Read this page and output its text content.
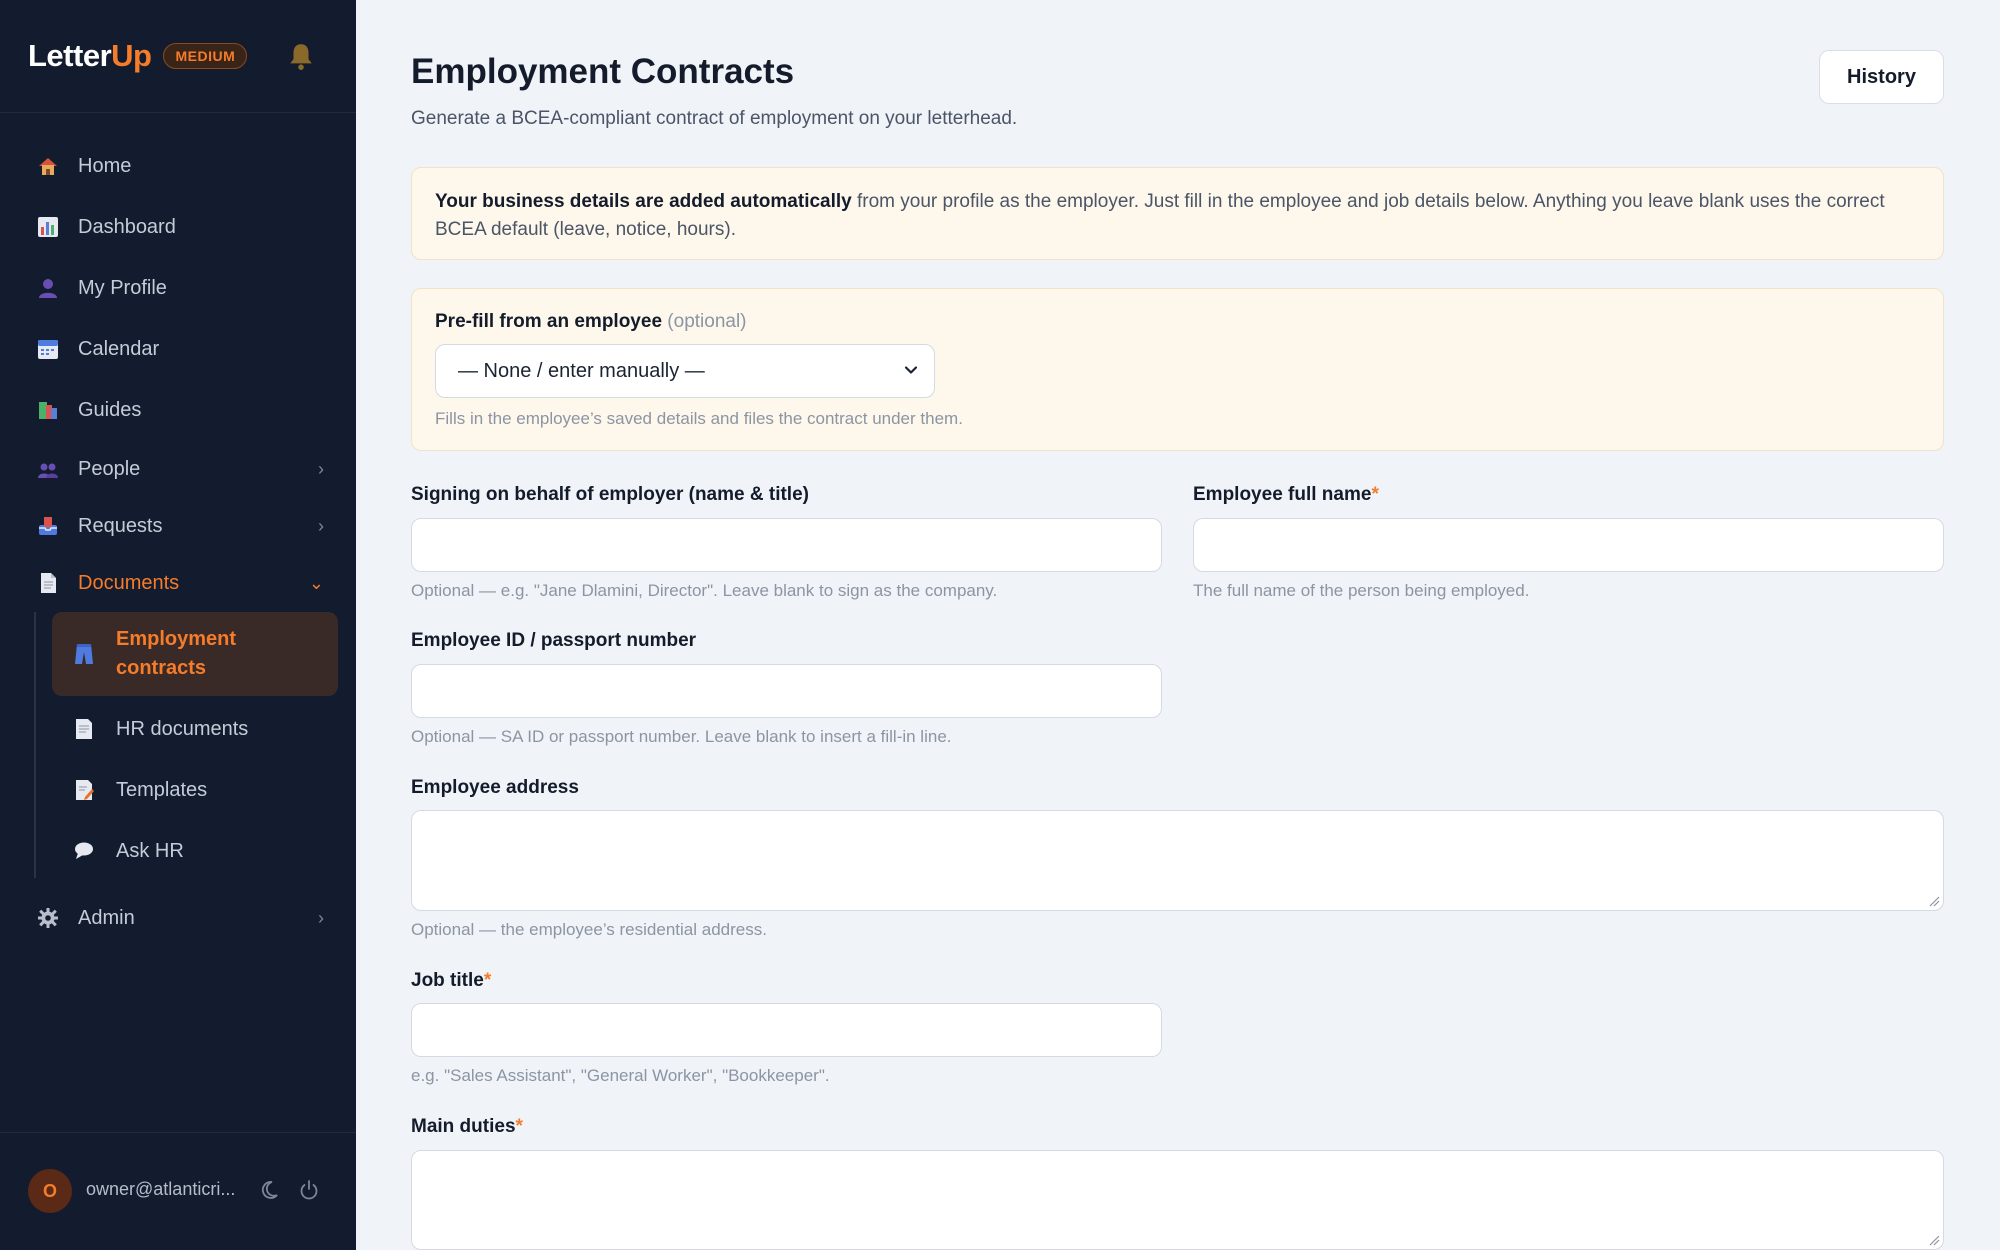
LetterUp	MEDIUM
Home
Dashboard
My Profile
Calendar
Guides
People	›
Requests	›
Documents	⌄
Employment contracts
HR documents
Templates
Ask HR
Admin	›
O	owner@atlanticri...
Employment Contracts

Generate a BCEA-compliant contract of employment on your letterhead.

History
Your business details are added automatically from your profile as the employer. Just fill in the employee and job details below. Anything you leave blank uses the correct BCEA default (leave, notice, hours).
Pre-fill from an employee (optional)
— None / enter manually —
Fills in the employee’s saved details and files the contract under them.
Signing on behalf of employer (name & title)
Optional — e.g. "Jane Dlamini, Director". Leave blank to sign as the company.
Employee full name*
The full name of the person being employed.
Employee ID / passport number
Optional — SA ID or passport number. Leave blank to insert a fill-in line.
Employee address
Optional — the employee’s residential address.
Job title*
e.g. "Sales Assistant", "General Worker", "Bookkeeper".
Main duties*
